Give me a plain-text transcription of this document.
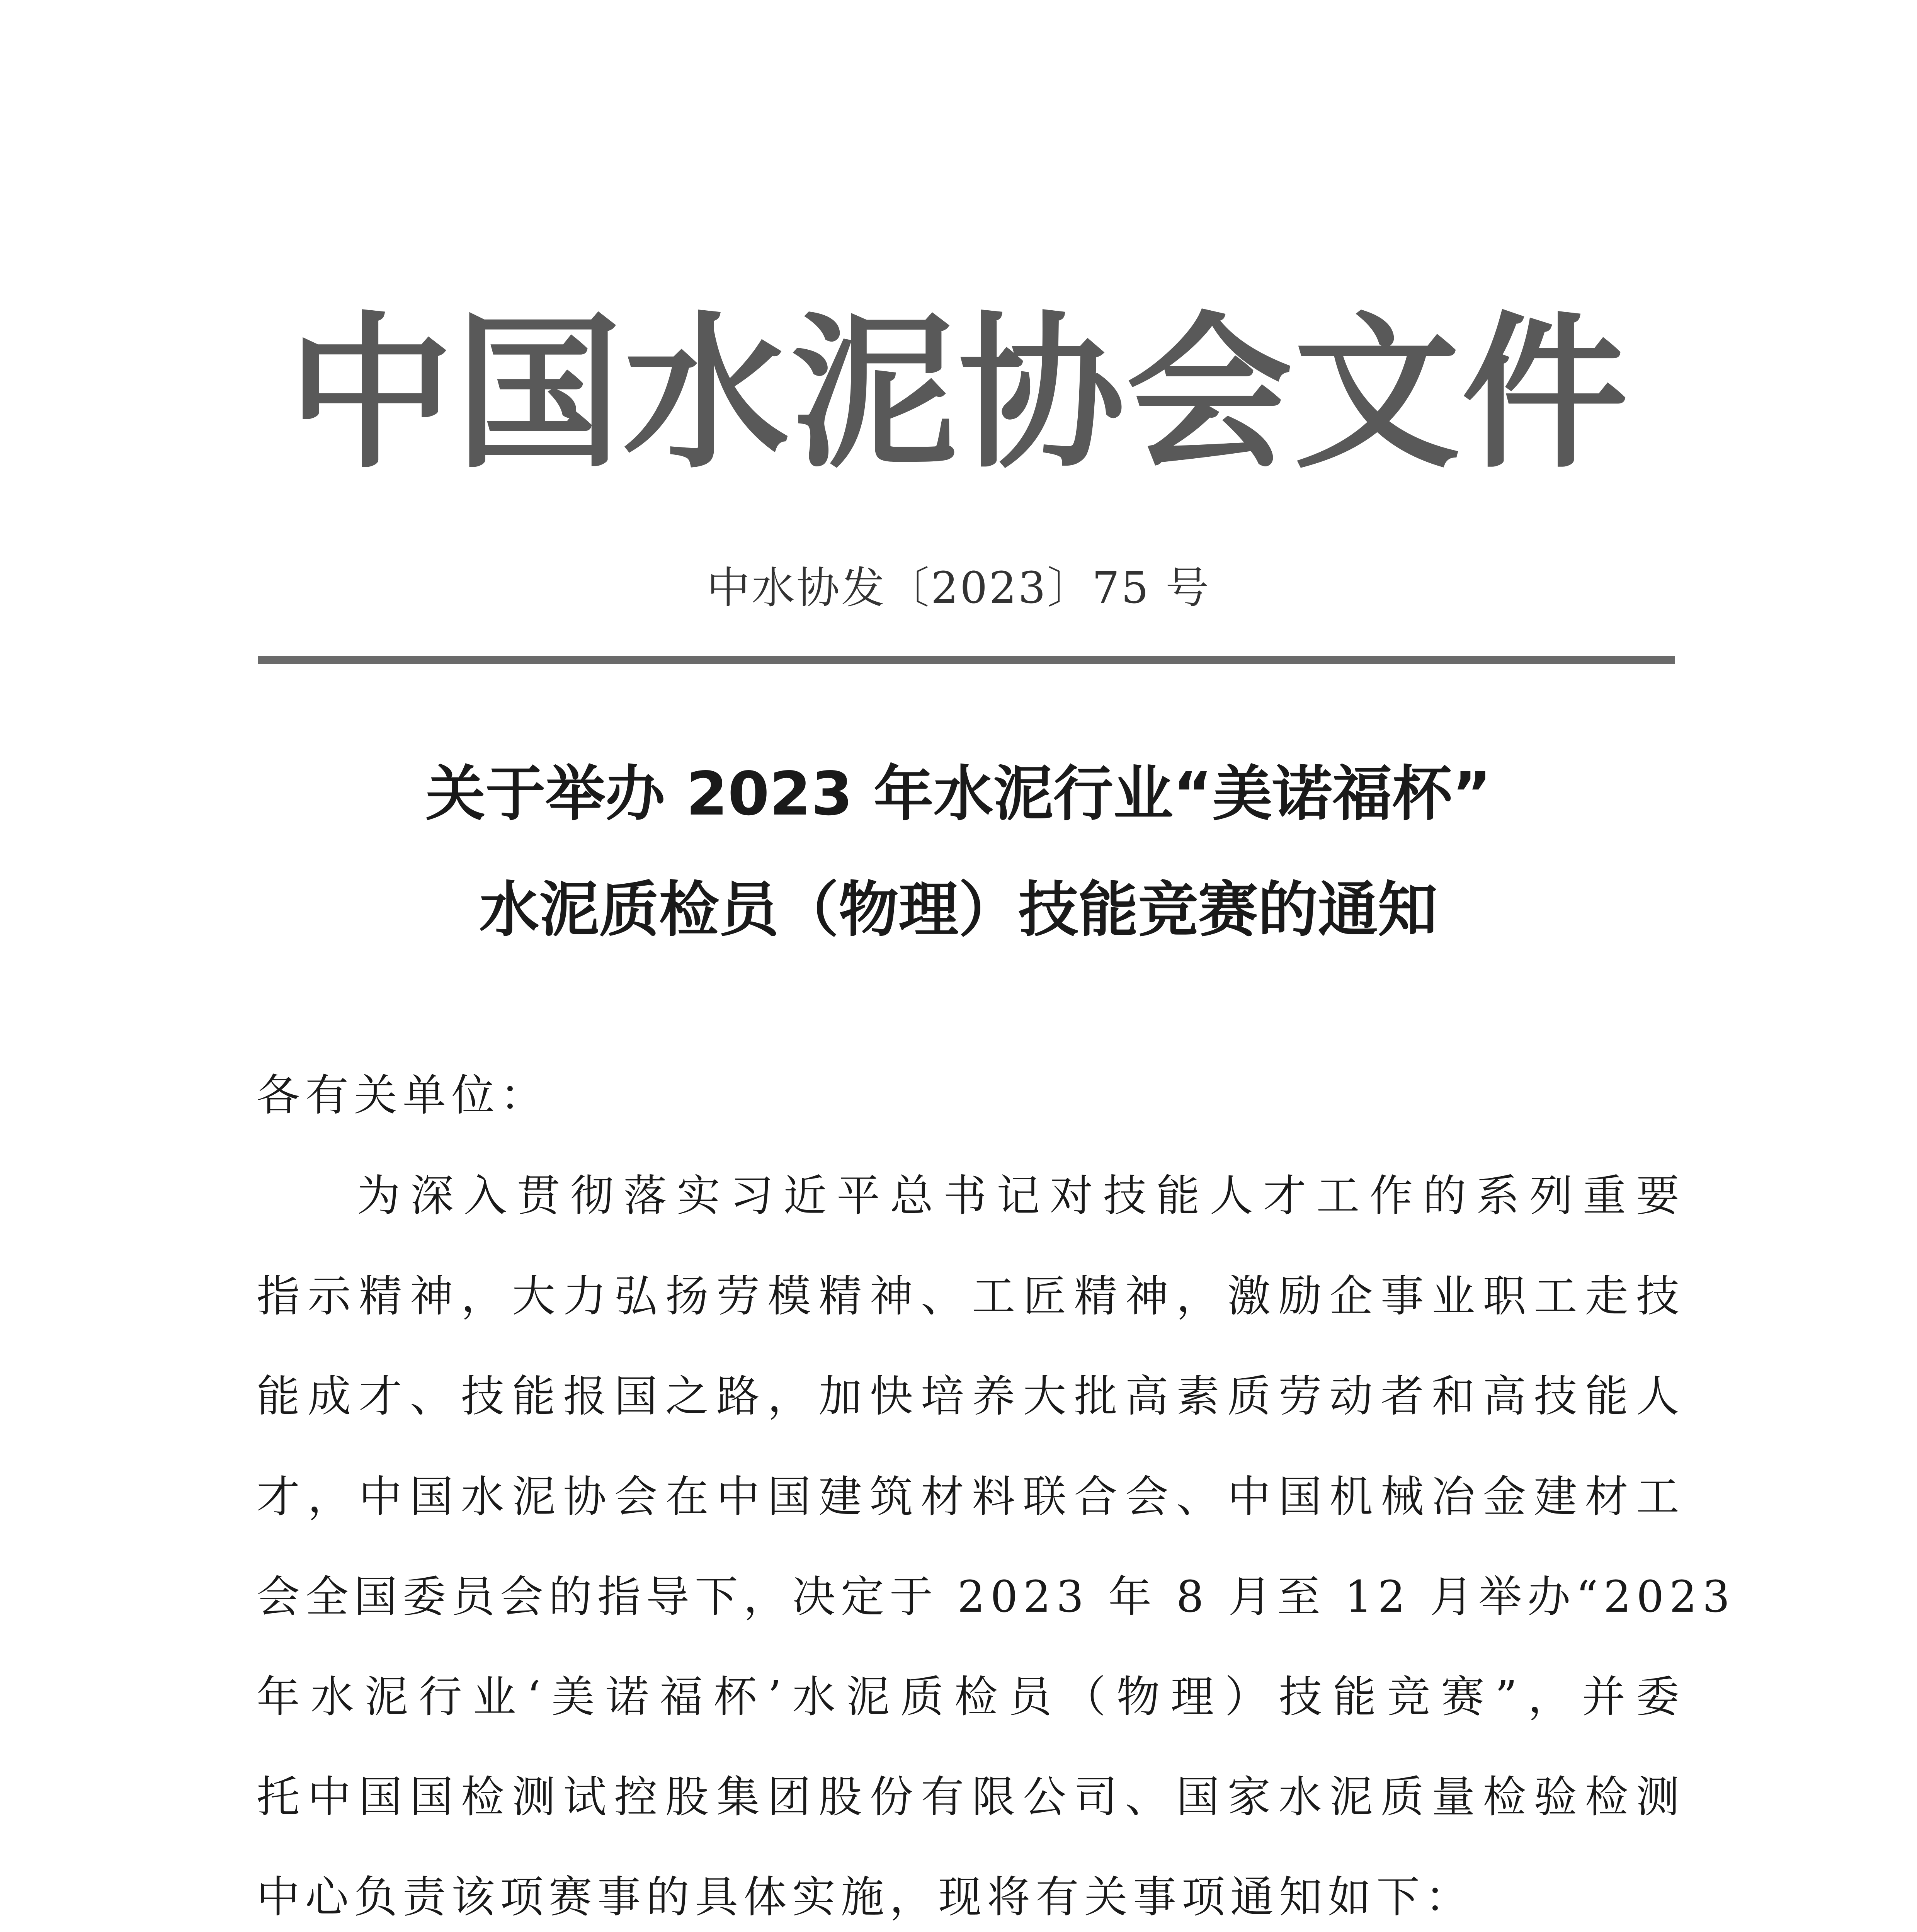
中国水泥协会文件
中水协发〔2023〕75 号
关于举办 2023 年水泥行业“美诺福杯”
水泥质检员（物理）技能竞赛的通知
各有关单位：
为深入贯彻落实习近平总书记对技能人才工作的系列重要
指示精神，大力弘扬劳模精神、工匠精神，激励企事业职工走技
能成才、技能报国之路，加快培养大批高素质劳动者和高技能人
才，中国水泥协会在中国建筑材料联合会、中国机械冶金建材工
会全国委员会的指导下，决定于 2023 年 8 月至 12 月举办“2023
年水泥行业‘美诺福杯’水泥质检员（物理）技能竞赛”，并委
托中国国检测试控股集团股份有限公司、国家水泥质量检验检测
中心负责该项赛事的具体实施，现将有关事项通知如下：
